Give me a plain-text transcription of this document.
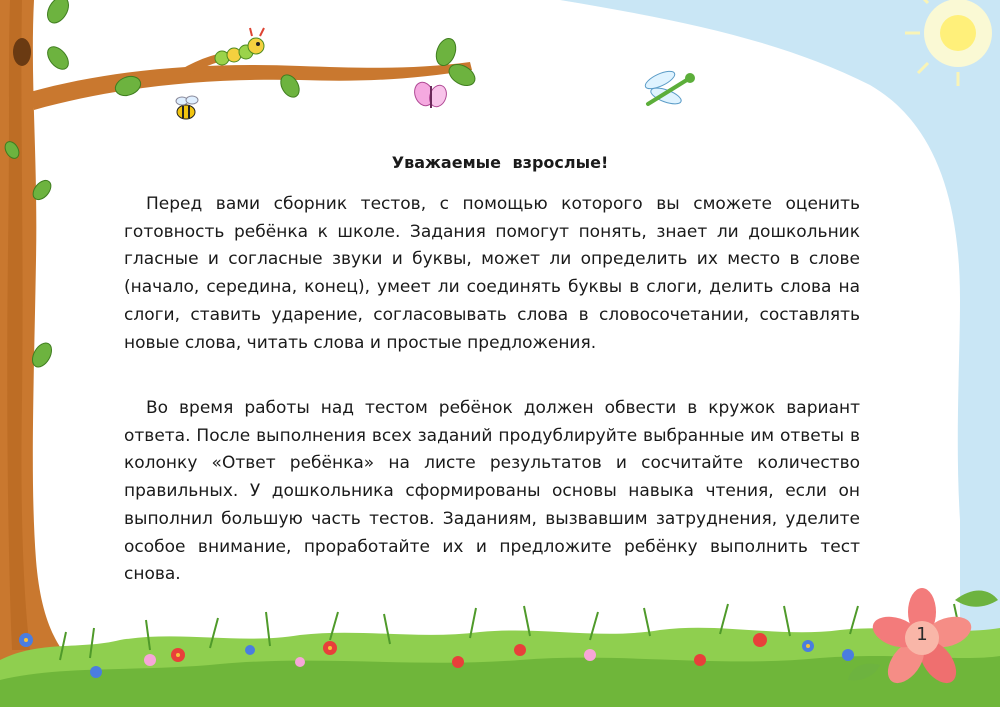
Уважаемые взрослые!

Перед вами сборник тестов, с помощью которого вы сможете оценить готовность ребёнка к школе. Задания помогут понять, знает ли дошкольник гласные и согласные звуки и буквы, может ли определить их место в слове (начало, середина, конец), умеет ли соединять буквы в слоги, делить слова на слоги, ставить ударение, согласовывать слова в словосочетании, составлять новые слова, читать слова и простые предложения.

Во время работы над тестом ребёнок должен обвести в кружок вариант ответа. После выполнения всех заданий продублируйте выбранные им ответы в колонку «Ответ ребёнка» на листе результатов и сосчитайте количество правильных. У дошкольника сформированы основы навыка чтения, если он выполнил большую часть тестов. Заданиям, вызвавшим затруднения, уделите особое внимание, проработайте их и предложите ребёнку выполнить тест снова.

1
